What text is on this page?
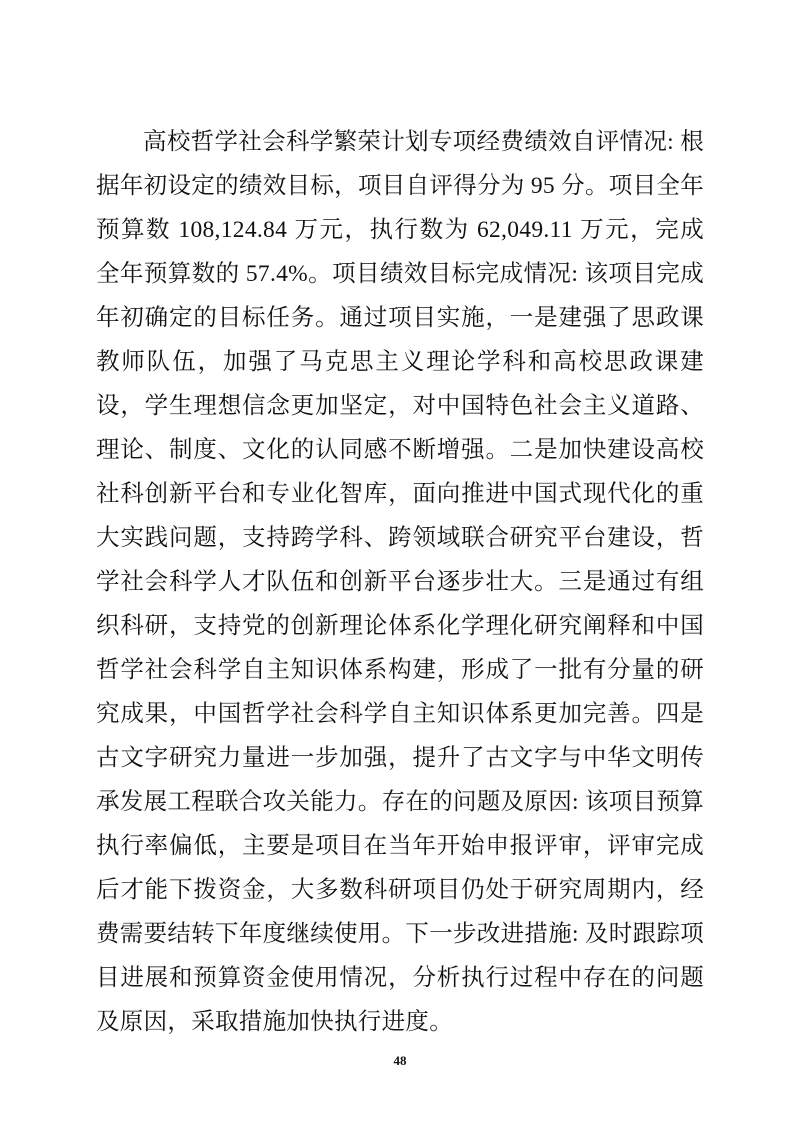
高校哲学社会科学繁荣计划专项经费绩效自评情况: 根据年初设定的绩效目标，项目自评得分为 95 分。项目全年预算数 108,124.84 万元，执行数为 62,049.11 万元，完成全年预算数的 57.4%。项目绩效目标完成情况: 该项目完成年初确定的目标任务。通过项目实施，一是建强了思政课教师队伍，加强了马克思主义理论学科和高校思政课建设，学生理想信念更加坚定，对中国特色社会主义道路、理论、制度、文化的认同感不断增强。二是加快建设高校社科创新平台和专业化智库，面向推进中国式现代化的重大实践问题，支持跨学科、跨领域联合研究平台建设，哲学社会科学人才队伍和创新平台逐步壮大。三是通过有组织科研，支持党的创新理论体系化学理化研究阐释和中国哲学社会科学自主知识体系构建，形成了一批有分量的研究成果，中国哲学社会科学自主知识体系更加完善。四是古文字研究力量进一步加强，提升了古文字与中华文明传承发展工程联合攻关能力。存在的问题及原因: 该项目预算执行率偏低，主要是项目在当年开始申报评审，评审完成后才能下拨资金，大多数科研项目仍处于研究周期内，经费需要结转下年度继续使用。下一步改进措施: 及时跟踪项目进展和预算资金使用情况，分析执行过程中存在的问题及原因，采取措施加快执行进度。

48
